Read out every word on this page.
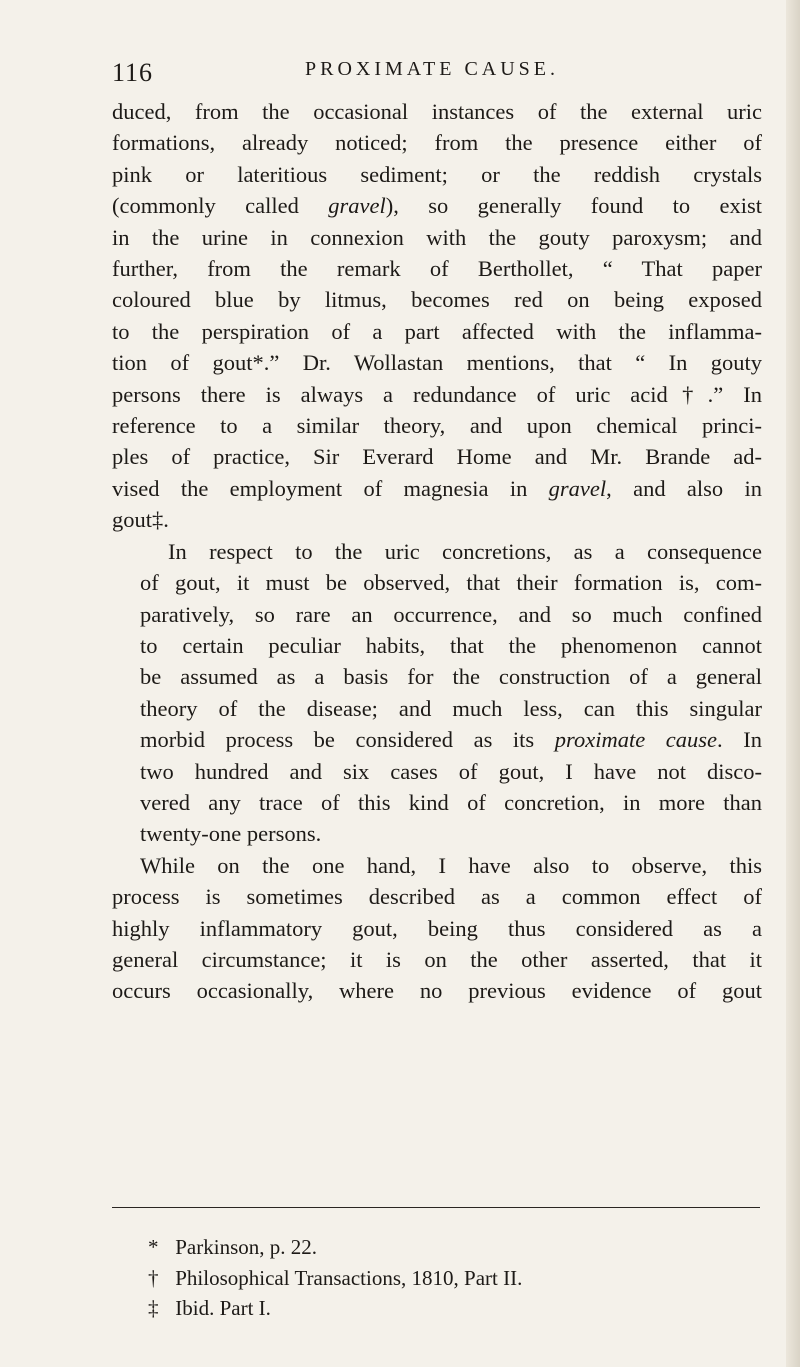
116	PROXIMATE CAUSE.

duced, from the occasional instances of the external uric
formations, already noticed; from the presence either of
pink or lateritious sediment; or the reddish crystals
(commonly called gravel), so generally found to exist
in the urine in connexion with the gouty paroxysm; and
further, from the remark of Berthollet, “ That paper
coloured blue by litmus, becomes red on being exposed
to the perspiration of a part affected with the inflamma-
tion of gout*.” Dr. Wollastan mentions, that “ In gouty
persons there is always a redundance of uric acid†.” In
reference to a similar theory, and upon chemical princi-
ples of practice, Sir Everard Home and Mr. Brande ad-
vised the employment of magnesia in gravel, and also in
gout‡.

In respect to the uric concretions, as a consequence
of gout, it must be observed, that their formation is, com-
paratively, so rare an occurrence, and so much confined
to certain peculiar habits, that the phenomenon cannot
be assumed as a basis for the construction of a general
theory of the disease; and much less, can this singular
morbid process be considered as its proximate cause. In
two hundred and six cases of gout, I have not disco-
vered any trace of this kind of concretion, in more than
twenty-one persons.

While on the one hand, I have also to observe, this
process is sometimes described as a common effect of
highly inflammatory gout, being thus considered as a
general circumstance; it is on the other asserted, that it
occurs occasionally, where no previous evidence of gout

* Parkinson, p. 22.
† Philosophical Transactions, 1810, Part II.
‡ Ibid. Part I.
